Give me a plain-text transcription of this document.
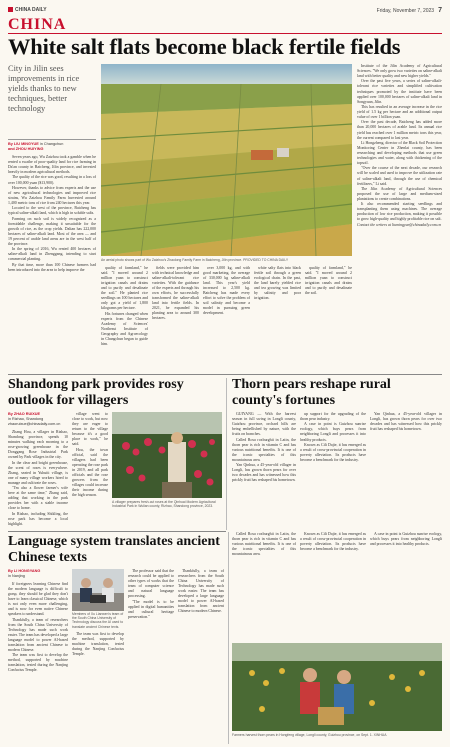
CHINA DAILY	Friday, November 7, 2023 7
CHINA
White salt flats become black fertile fields
City in Jilin sees improvements in rice yields thanks to new techniques, better technology
By LIU MINGYUE in Changchun
and ZHOU HUIYING

Seven years ago, Wu Zaizhou took a gamble when he rented a swathe of poor-quality land for rice farming in Da'an county in Baicheng, Jilin province, and invested heavily in modern agricultural methods.

The quality of the rice was good, resulting in a loss of over 100,000 yuan ($13,900).

However, thanks to advice from experts and the use of new agricultural technologies and improved rice strains, Wu Zaizhou Family Farm harvested around 1,400 metric tons of rice from 240 hectares this year.

Located to the west of the province, Baicheng has typical saline-alkali land, which is high in soluble salts.

Farming on such soil is widely recognized as a formidable challenge, making it unsuitable for the growth of rice, as the crop yields. Dalian has 222,000 hectares of saline-alkali land. Most of the area — and 19 percent of arable land areas are in the west half of the province.

In the spring of 2016, Wu rented 400 hectares of saline-alkali land in Zhenggang, intending to start commercial planting.

By that time, more than 100 Chinese farmers had been introduced into the area to help improve the

An aerial photo shows part of Wu Zaizhou's Zhaolong Family Farm in Baicheng, Jilin province. PROVIDED TO CHINA DAILY

quality of farmland," he said. "I moved around 2 million yuan to construct irrigation canals and drains and to purify and desalinate the soil." He planted rice seedlings on 100 hectares and only got a yield of 1,800 kilograms per hectare.

His fortunes changed when experts from the Chinese Academy of Sciences' Northeast Institute of Geography and Agroecology in Changchun began to guide him.

fields were provided him with technical knowledge and saline-alkali-tolerant rice varieties. With the guidance of the experts and through his own efforts, he successfully transformed the saline-alkali land into fertile fields. In 2021, he expanded his planting area to around 300 hectares.

over 3,000 kg, and with good marketing, the average of 330,000 kg saline-alkali land. This year's yield increased to 2,500 kg. Baicheng has made every effort to solve the problem of soil salinity and become a model in pursuing green development.

white salty flats into black fertile soil through a green ecological chain. In the past, the land barely yielded rice and tea growing was limited by salinity and poor irrigation.

quality of farmland," he said. "I moved around 2 million yuan to construct irrigation canals and drains and to purify and desalinate the soil.

Institute of the Jilin Academy of Agricultural Sciences. "We only grow two varieties on saline-alkali land with better quality and new higher yields."

Over the past five years, a series of saline-alkali-tolerant rice varieties and simplified cultivation techniques promoted by the institute have been applied over 100,000 hectares of saline-alkali land in Songyuan, Jilin.

This has resulted in an average increase in the rice yield of 1.5 kg per hectare and an additional output value of over 1 billion yuan.

Over the past decade, Baicheng has added more than 20,000 hectares of arable land. Its annual rice yield has reached over 1 million metric tons this year, the current compared to last year.

Li Hongzheng, director of the Black Soil Protection Monitoring Center in Zhenlai county, has been researching and developing methods that use green technologies and water, along with thickening of the topsoil.

"Over the course of the next decade, our research will be scaled and used to improve the utilization rate of saline-alkali land, through the use of chemical fertilizers," Li said.

The Jilin Academy of Agricultural Sciences proposed the use of large and medium-sized plantations to create combinations.

It also recommended starting seedlings and transplanting them using machines. The average production of low rice production, making it possible to grow high-quality and highly profitable rice on salt.

Contact the writers at liumingyue@chinadaily.com.cn

Shandong park provides rosy outlook for villagers
By ZHAO RUIXUE
in Rizhao, Shandong
zhaoruixue@chinadaily.com.cn

Zhang Hou, a villager in Rizhao, Shandong province, spends 10 minutes walking each morning to a rose-growing greenhouse in the Donggang Rose Industrial Park owned by Park villages in the city.

In the clear and bright greenhouse, the scent of roses is everywhere. Zhang, seated in Yuhuiti village, is one of many village workers hired to manage and cultivate the roses.

"I'm also a flower farmer's wife here at the same time," Zhang said, adding that working in the park provides her with a stable income close to home.

In Rizhao, including Shikling, the rose park has become a local highlight.

village went to close to work, but now they are eager to return to the village because it's a good place to work," he said.

Hou, the town official, said the villagers had been operating the rose park in 2019, and all park officials and the rose growers from the villages could increase their income during the high season.

A villager prepares fresh-cut roses at the Qinhuai Modern Agricultural Industrial Park in Wulian county, Rizhao, Shandong province, 2023.
Thorn pears reshape rural county's fortunes

GUIYANG — With the harvest season in full swing in Longli county, Guizhou province, orchard hills are being embellished by nature, with the fruits on branches.

Called Rosa roxburghii in Latin, the thorn pear is rich in vitamin C and has various nutritional benefits. It is one of the iconic specialties of this mountainous area.

Yan Qinhua, a 45-year-old villager in Longli, has grown thorn pears for over two decades and has witnessed how this prickly fruit has reshaped his hometown.

up support for the upgrading of the thorn pear industry.

A case in point is Guizhou sunrise ecology, which buys pears from neighboring Longli and processes it into healthy products.

Known as Cili Dajie, it has emerged as a result of cross-provincial cooperation in poverty alleviation. Its products have become a benchmark for the industry.

Yan Qinhua, a 45-year-old villager in Longli, has grown thorn pears for over two decades and has witnessed how this prickly fruit has reshaped his hometown.

Language system translates ancient Chinese texts
By LI HONGYANG
in Nanjing

If foreigners learning Chinese find the modern language is difficult to grasp, they should be glad they don't have to learn classical Chinese, which is not only even more challenging, and is now for even native Chinese speakers to understand.

Thankfully, a team of researchers from the South China University of Technology has made such work easier. The team has developed a large language model to power AI-based translation from ancient Chinese to modern Chinese.

The team was first to develop the method, supported by machine translation, tested during the Nanjing Confucius Temple.

Members of Xu Lianwen's team of the South China University of Technology discuss the AI used to translate ancient Chinese texts.

The professor said that the research could be applied to other types of works that the team of computer science and natural language processing.

"The model is to be applied in digital humanities and cultural heritage preservation."

Thankfully, a team of researchers from the South China University of Technology has made such work easier. The team has developed a large language model to power AI-based translation from ancient Chinese to modern Chinese.

The team was first to develop the method, supported by machine translation, tested during the Nanjing Confucius Temple.

Called Rosa roxburghii in Latin, the thorn pear is rich in vitamin C and has various nutritional benefits. It is one of the iconic specialties of this mountainous area.

Known as Cili Dajie, it has emerged as a result of cross-provincial cooperation in poverty alleviation. Its products have become a benchmark for the industry.

A case in point is Guizhou sunrise ecology, which buys pears from neighboring Longli and processes it into healthy products.

Farmers harvest thorn pears in Hongfeng village, Longli county, Guizhou province, on Sept. 1. XINHUA
